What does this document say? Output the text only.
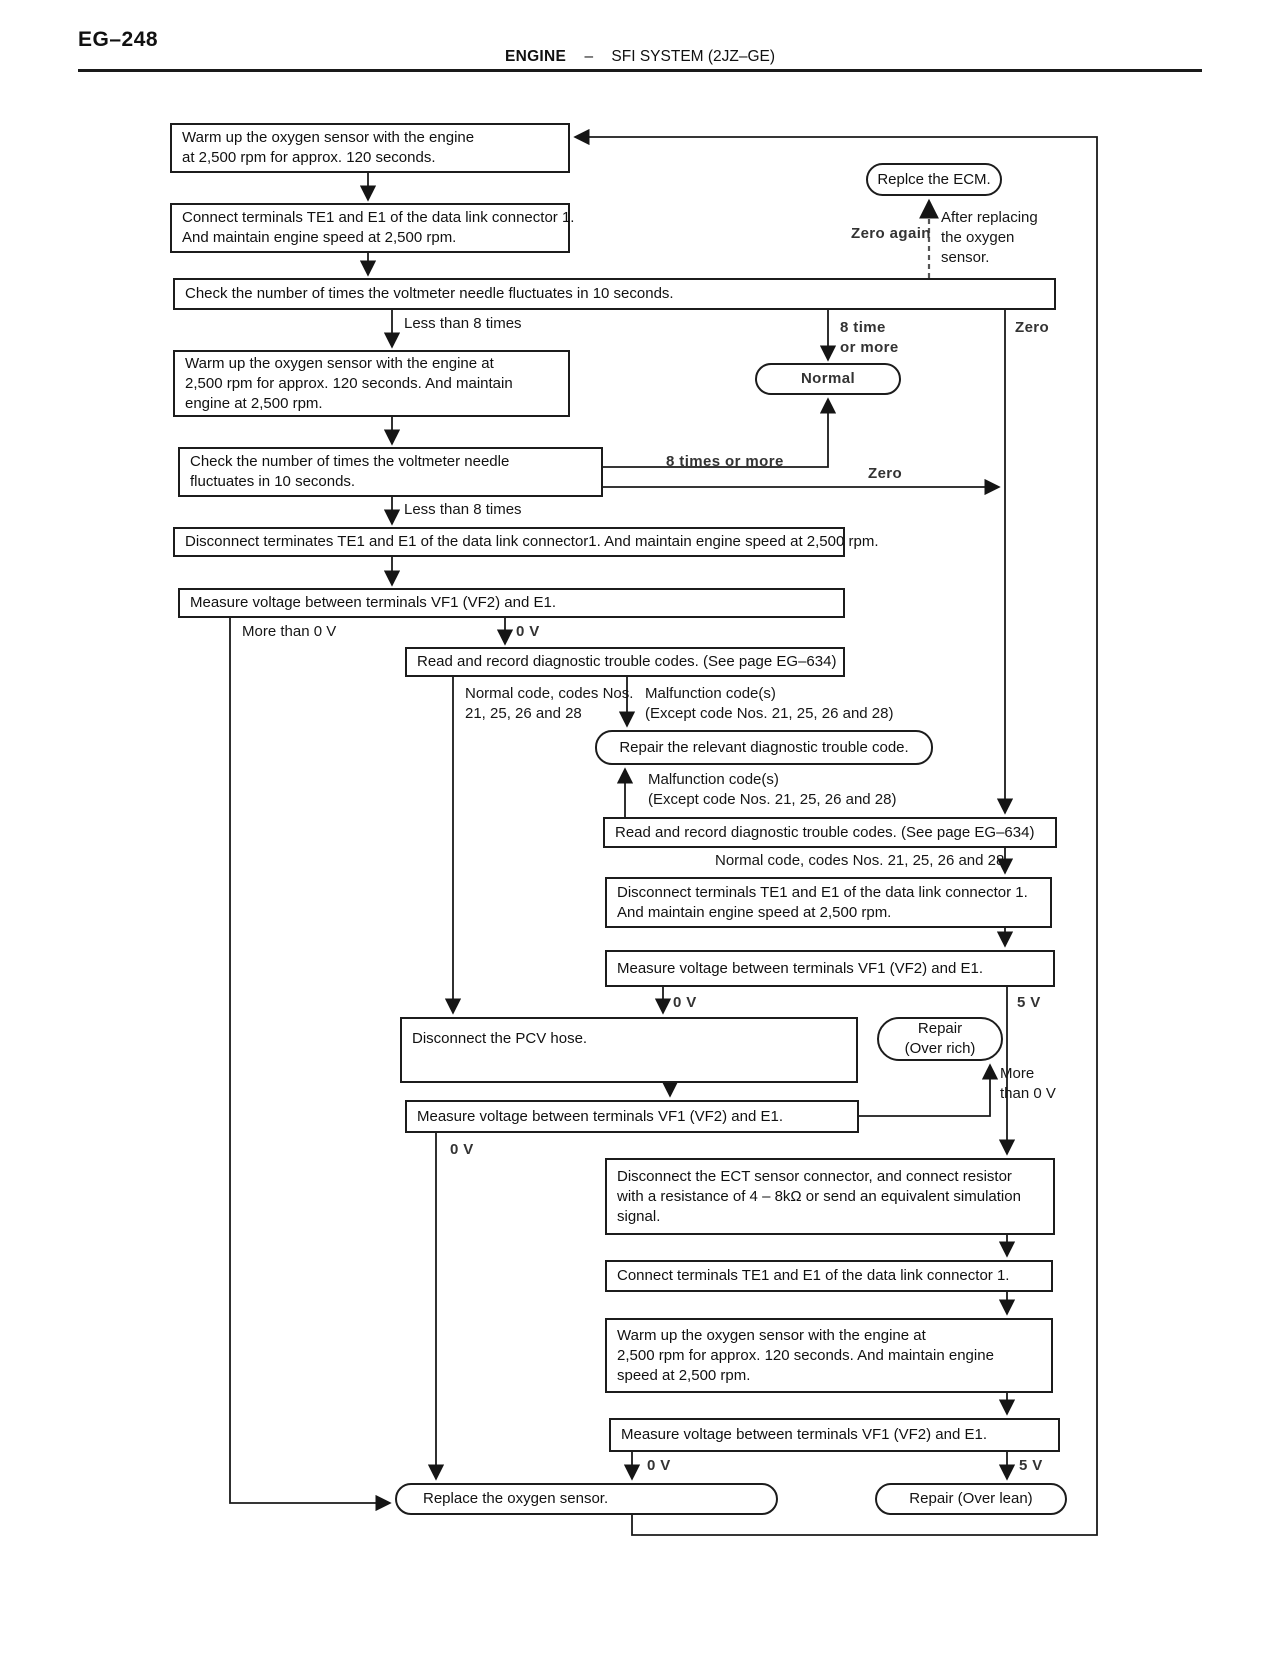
EG–248
ENGINE – SFI SYSTEM (2JZ–GE)
Warm up the oxygen sensor with the engine
at 2,500 rpm for approx. 120 seconds.
Connect terminals TE1 and E1 of the data link connector 1.
And maintain engine speed at 2,500 rpm.
Check the number of times the voltmeter needle fluctuates in 10 seconds.
Warm up the oxygen sensor with the engine at
2,500 rpm for approx. 120 seconds. And maintain
engine at 2,500 rpm.
Check the number of times the voltmeter needle
fluctuates in 10 seconds.
Disconnect terminates TE1 and E1 of the data link connector1. And maintain engine speed at 2,500 rpm.
Measure voltage between terminals VF1 (VF2) and E1.
Read and record diagnostic trouble codes. (See page EG–634)
Repair the relevant diagnostic trouble code.
Read and record diagnostic trouble codes. (See page EG–634)
Disconnect terminals TE1 and E1 of the data link connector 1.
And maintain engine speed at 2,500 rpm.
Measure voltage between terminals VF1 (VF2) and E1.
Disconnect the PCV hose.
Repair
(Over rich)
Measure voltage between terminals VF1 (VF2) and E1.
Disconnect the ECT sensor connector, and connect resistor
with a resistance of 4 – 8kΩ or send an equivalent simulation
signal.
Connect terminals TE1 and E1 of the data link connector 1.
Warm up the oxygen sensor with the engine at
2,500 rpm for approx. 120 seconds. And maintain engine
speed at 2,500 rpm.
Measure voltage between terminals VF1 (VF2) and E1.
Replace the oxygen sensor.	Repair (Over lean)
Replce the ECM.
Normal
Zero again
After replacing
the oxygen
sensor.
Less than 8 times	8 time
or more
Zero
8 times or more
Zero
Less than 8 times
More than 0 V	0 V
Normal code, codes Nos.
21, 25, 26 and 28
Malfunction code(s)
(Except code Nos. 21, 25, 26 and 28)
Malfunction code(s)
(Except code Nos. 21, 25, 26 and 28)
Normal code, codes Nos. 21, 25, 26 and 28
0 V	5 V
More
than 0 V
0 V
0 V	5 V
